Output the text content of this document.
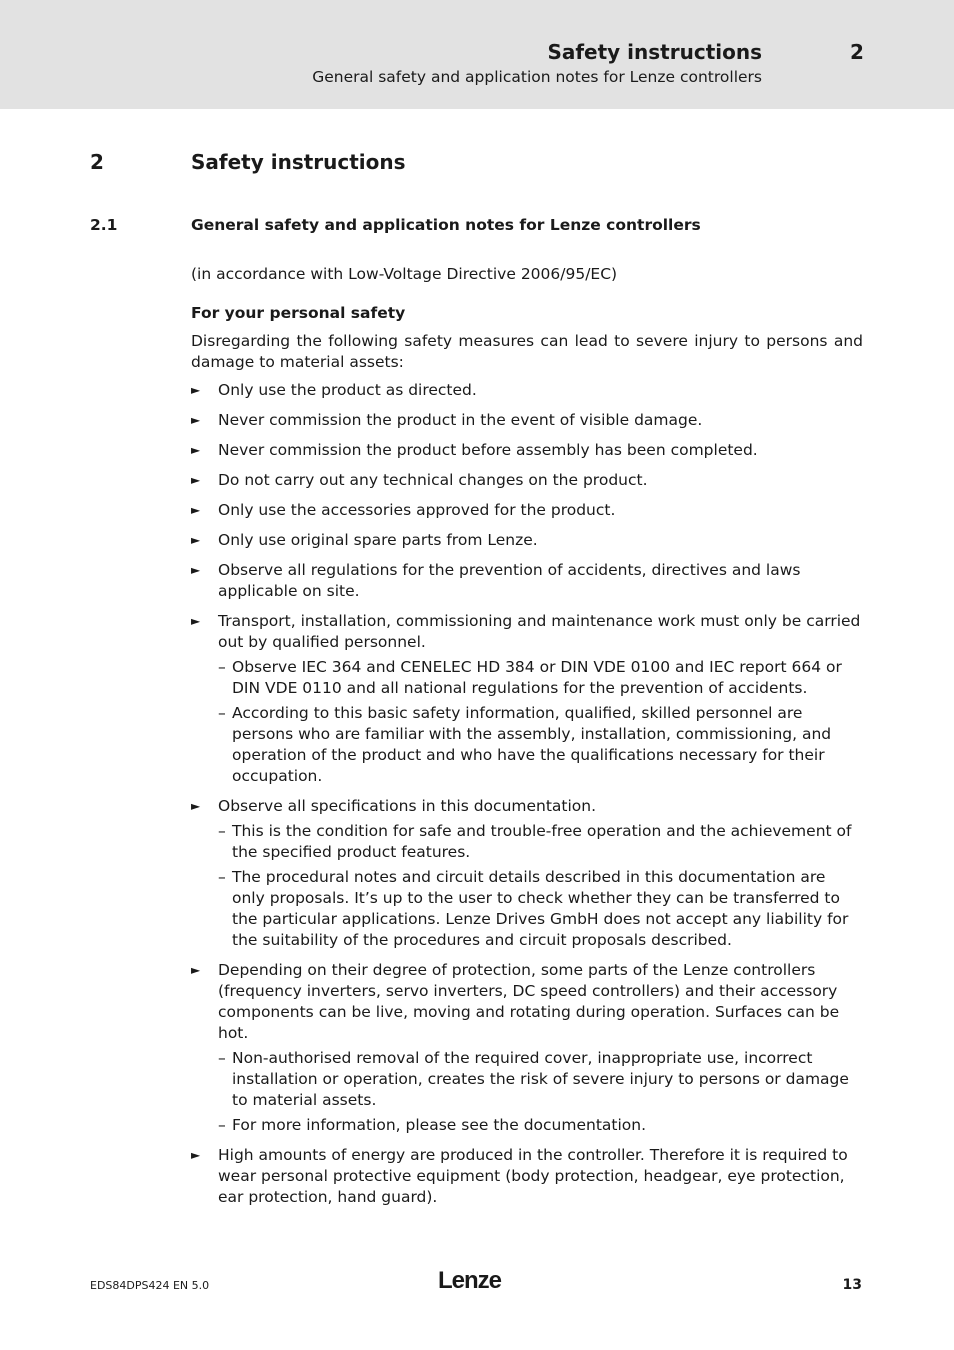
Safety instructions	2
General safety and application notes for Lenze controllers
2	Safety instructions
2.1	General safety and application notes for Lenze controllers

(in accordance with Low-Voltage Directive 2006/95/EC)

For your personal safety

Disregarding the following safety measures can lead to severe injury to persons and damage to material assets:

► Only use the product as directed.
► Never commission the product in the event of visible damage.
► Never commission the product before assembly has been completed.
► Do not carry out any technical changes on the product.
► Only use the accessories approved for the product.
► Only use original spare parts from Lenze.
► Observe all regulations for the prevention of accidents, directives and laws applicable on site.
► Transport, installation, commissioning and maintenance work must only be carried out by qualified personnel.
– Observe IEC 364 and CENELEC HD 384 or DIN VDE 0100 and IEC report 664 or DIN VDE 0110 and all national regulations for the prevention of accidents.
– According to this basic safety information, qualified, skilled personnel are persons who are familiar with the assembly, installation, commissioning, and operation of the product and who have the qualifications necessary for their occupation.
► Observe all specifications in this documentation.
– This is the condition for safe and trouble-free operation and the achievement of the specified product features.
– The procedural notes and circuit details described in this documentation are only proposals. It’s up to the user to check whether they can be transferred to the particular applications. Lenze Drives GmbH does not accept any liability for the suitability of the procedures and circuit proposals described.
► Depending on their degree of protection, some parts of the Lenze controllers (frequency inverters, servo inverters, DC speed controllers) and their accessory components can be live, moving and rotating during operation. Surfaces can be hot.
– Non-authorised removal of the required cover, inappropriate use, incorrect installation or operation, creates the risk of severe injury to persons or damage to material assets.
– For more information, please see the documentation.
► High amounts of energy are produced in the controller. Therefore it is required to wear personal protective equipment (body protection, headgear, eye protection, ear protection, hand guard).
EDS84DPS424 EN 5.0	Lenze	13
